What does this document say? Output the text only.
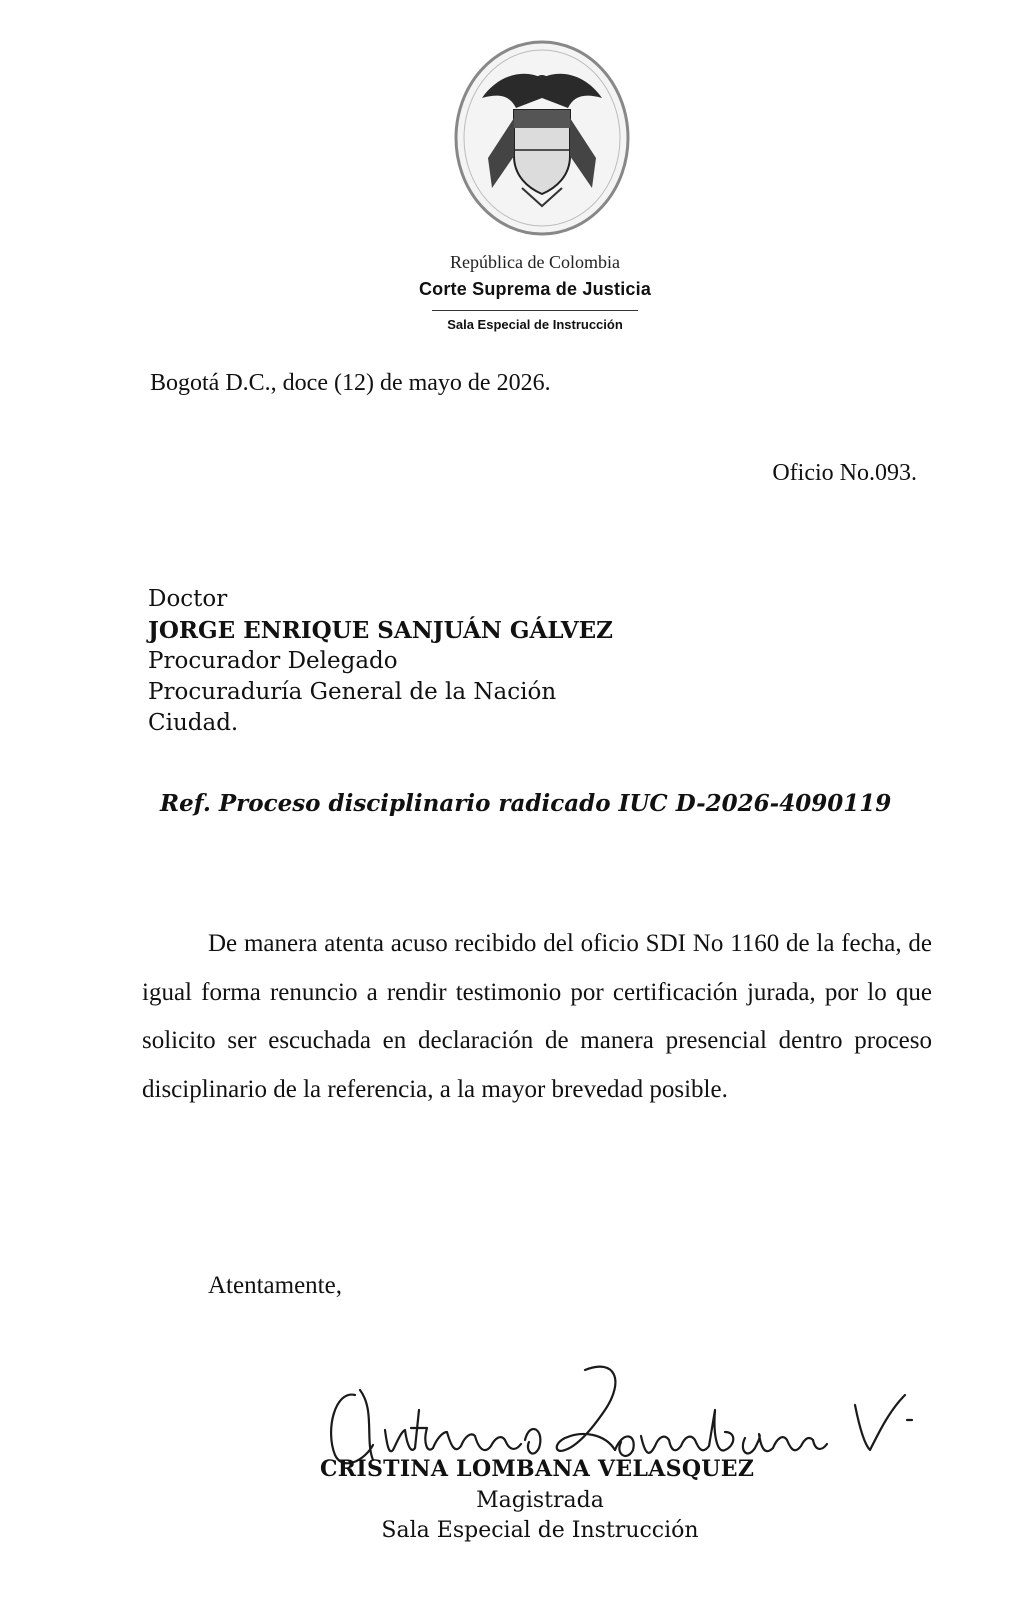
República de Colombia
Corte Suprema de Justicia
Sala Especial de Instrucción
Bogotá D.C., doce (12) de mayo de 2026.
Oficio No.093.
Doctor
JORGE ENRIQUE SANJUÁN GÁLVEZ
Procurador Delegado
Procuraduría General de la Nación
Ciudad.
Ref. Proceso disciplinario radicado IUC D-2026-4090119
De manera atenta acuso recibido del oficio SDI No 1160 de la fecha, de igual forma renuncio a rendir testimonio por certificación jurada, por lo que solicito ser escuchada en declaración de manera presencial dentro proceso disciplinario de la referencia, a la mayor brevedad posible.
Atentamente,
CRISTINA LOMBANA VELASQUEZ
Magistrada
Sala Especial de Instrucción
